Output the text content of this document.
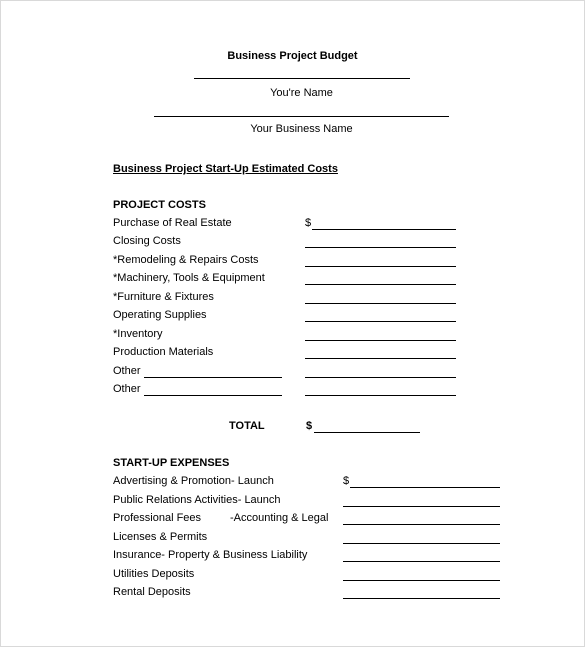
Business Project Budget
You're Name
Your Business Name
Business Project Start-Up Estimated Costs
PROJECT COSTS
Purchase of Real Estate
Closing Costs
*Remodeling & Repairs Costs
*Machinery, Tools & Equipment
*Furniture & Fixtures
Operating Supplies
*Inventory
Production Materials
Other
Other
$
TOTAL	$
START-UP EXPENSES
Advertising & Promotion- Launch
Public Relations Activities- Launch
Professional Fees	-Accounting & Legal
Licenses & Permits
Insurance- Property & Business Liability
Utilities Deposits
Rental Deposits
$
